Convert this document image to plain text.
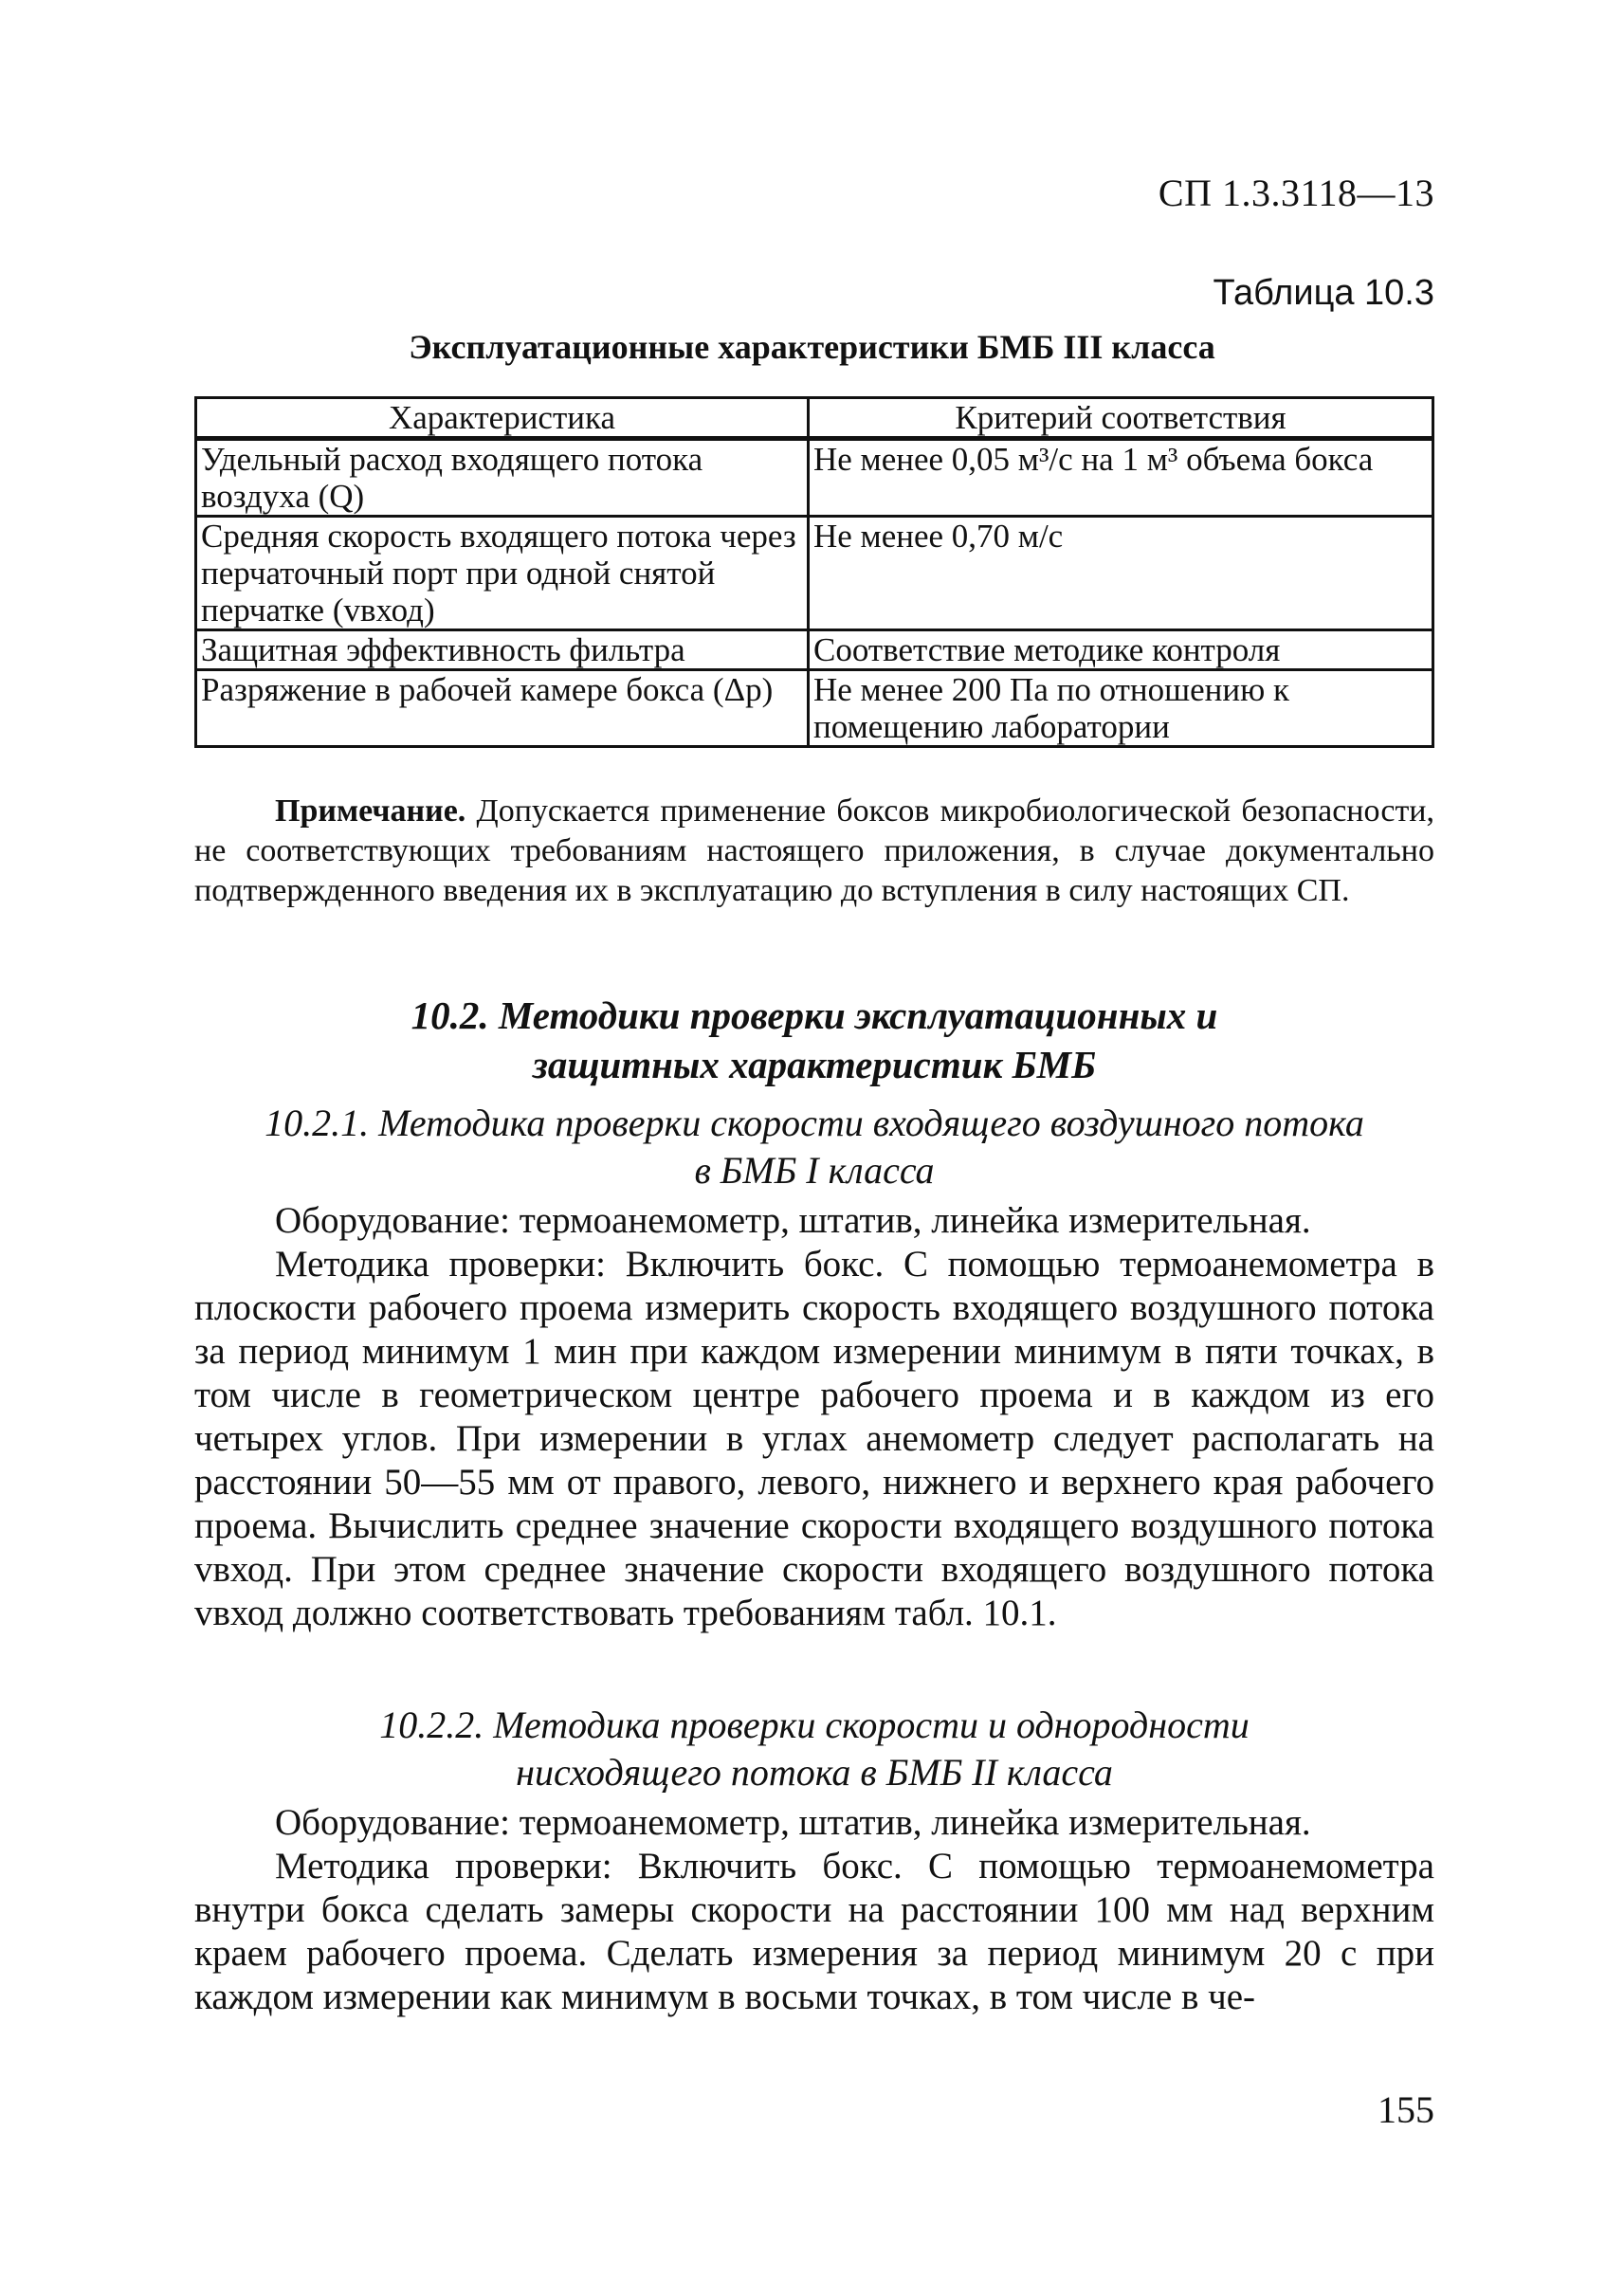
СП 1.3.3118—13
Таблица 10.3
Эксплуатационные характеристики БМБ III класса
Характеристика	Критерий соответствия
Удельный расход входящего потока воздуха (Q)	Не менее 0,05 м³/с на 1 м³ объема бокса
Средняя скорость входящего потока через перчаточный порт при одной снятой перчатке (vвход)	Не менее 0,70 м/с
Защитная эффективность фильтра	Соответствие методике контроля
Разряжение в рабочей камере бокса (Δp)	Не менее 200 Па по отношению к помещению лаборатории
Примечание. Допускается применение боксов микробиологической безопасности, не соответствующих требованиям настоящего приложения, в случае документально подтвержденного введения их в эксплуатацию до вступления в силу настоящих СП.
10.2. Методики проверки эксплуатационных и
защитных характеристик БМБ
10.2.1. Методика проверки скорости входящего воздушного потока
в БМБ I класса
Оборудование: термоанемометр, штатив, линейка измерительная.
Методика проверки: Включить бокс. С помощью термоанемометра в плоскости рабочего проема измерить скорость входящего воздушного потока за период минимум 1 мин при каждом измерении минимум в пяти точках, в том числе в геометрическом центре рабочего проема и в каждом из его четырех углов. При измерении в углах анемометр следует располагать на расстоянии 50—55 мм от правого, левого, нижнего и верхнего края рабочего проема. Вычислить среднее значение скорости входящего воздушного потока vвход. При этом среднее значение скорости входящего воздушного потока vвход должно соответствовать требованиям табл. 10.1.
10.2.2. Методика проверки скорости и однородности
нисходящего потока в БМБ II класса
Оборудование: термоанемометр, штатив, линейка измерительная.
Методика проверки: Включить бокс. С помощью термоанемометра внутри бокса сделать замеры скорости на расстоянии 100 мм над верхним краем рабочего проема. Сделать измерения за период минимум 20 с при каждом измерении как минимум в восьми точках, в том числе в че-
155
